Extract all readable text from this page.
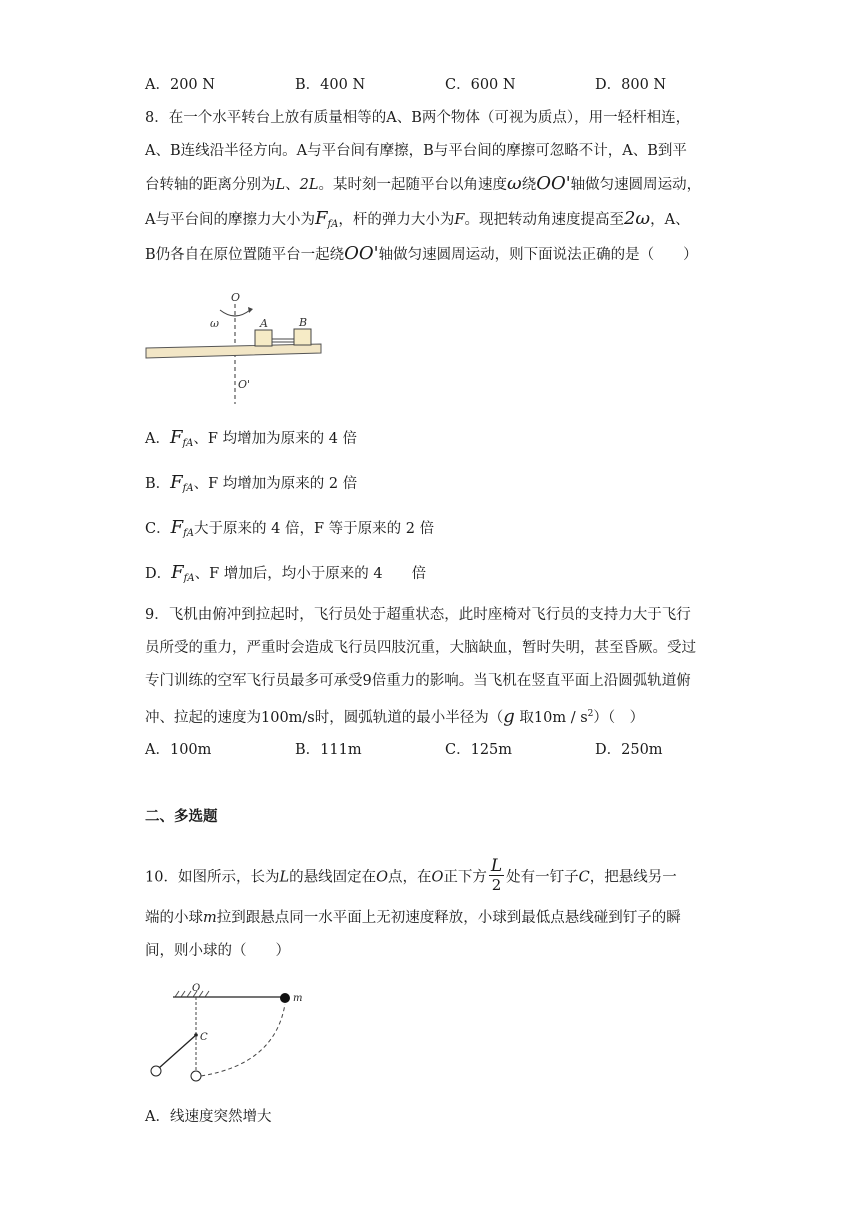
A．200 N	B．400 N	C．600 N	D．800 N
8．在一个水平转台上放有质量相等的A、B两个物体（可视为质点），用一轻杆相连，
A、B连线沿半径方向。A与平台间有摩擦，B与平台间的摩擦可忽略不计，A、B到平
台转轴的距离分别为L、2L。某时刻一起随平台以角速度ω绕OO'轴做匀速圆周运动，
A与平台间的摩擦力大小为$F_{fA}$，杆的弹力大小为F。现把转动角速度提高至2ω，A、
B仍各自在原位置随平台一起绕OO'轴做匀速圆周运动，则下面说法正确的是（　　）
O
O'
ω	A	B
A．$F_{fA}$、F 均增加为原来的 4 倍
B．$F_{fA}$、F 均增加为原来的 2 倍
C．$F_{fA}$大于原来的 4 倍，F 等于原来的 2 倍
D．$F_{fA}$、F 增加后，均小于原来的 4　　倍
9．飞机由俯冲到拉起时，飞行员处于超重状态，此时座椅对飞行员的支持力大于飞行
员所受的重力，严重时会造成飞行员四肢沉重，大脑缺血，暂时失明，甚至昏厥。受过
专门训练的空军飞行员最多可承受9倍重力的影响。当飞机在竖直平面上沿圆弧轨道俯
冲、拉起的速度为100m/s时，圆弧轨道的最小半径为（g 取$10m / s^2$）（　）
A．100m	B．111m	C．125m	D．250m
二、多选题
10．如图所示，长为L的悬线固定在O点，在O正下方 $\frac{L}{2}$ 处有一钉子C，把悬线另一
端的小球m拉到跟悬点同一水平面上无初速度释放，小球到最低点悬线碰到钉子的瞬
间，则小球的（　　）
O
m
C
A．线速度突然增大
